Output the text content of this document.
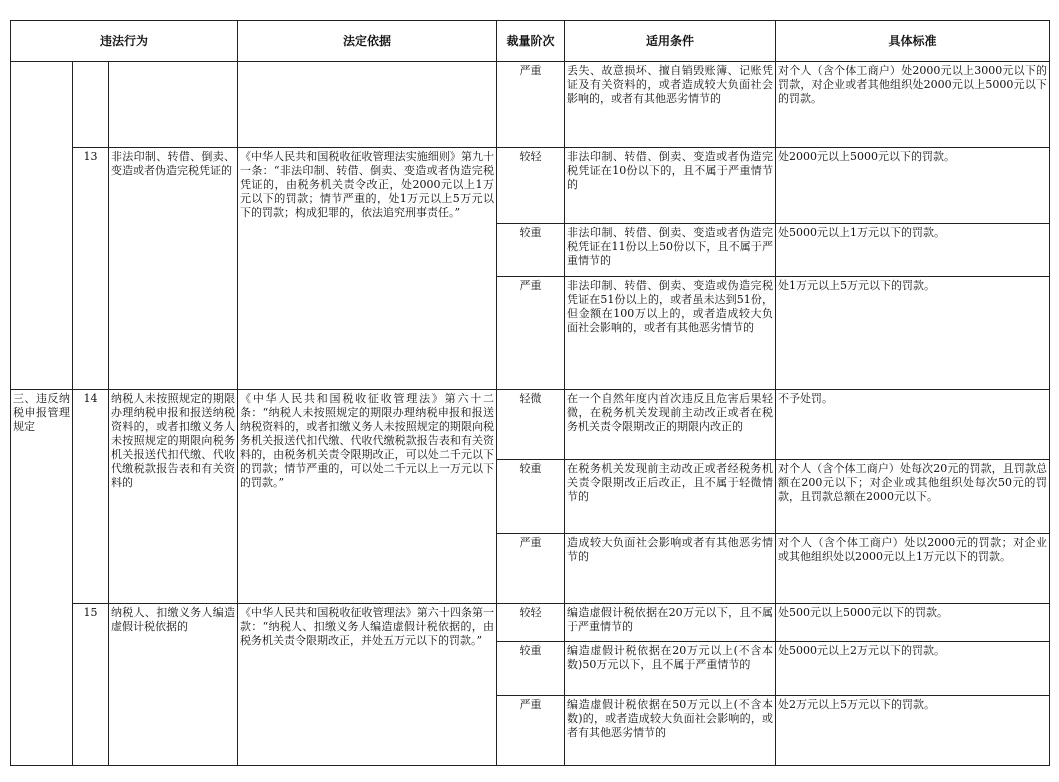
违法行为			法定依据	裁量阶次	适用条件	具体标准
				严重	丢失、故意损坏、擅自销毁账簿、记账凭证及有关资料的，或者造成较大负面社会影响的，或者有其他恶劣情节的	对个人（含个体工商户）处2000元以上3000元以下的罚款，对企业或者其他组织处2000元以上5000元以下的罚款。
	13	非法印制、转借、倒卖、变造或者伪造完税凭证的	《中华人民共和国税收征收管理法实施细则》第九十一条：“非法印制、转借、倒卖、变造或者伪造完税凭证的，由税务机关责令改正，处2000元以上1万元以下的罚款；情节严重的，处1万元以上5万元以下的罚款；构成犯罪的，依法追究刑事责任。”	较轻	非法印制、转借、倒卖、变造或者伪造完税凭证在10份以下的，且不属于严重情节的	处2000元以上5000元以下的罚款。
				较重	非法印制、转借、倒卖、变造或者伪造完税凭证在11份以上50份以下，且不属于严重情节的	处5000元以上1万元以下的罚款。
				严重	非法印制、转借、倒卖、变造或伪造完税凭证在51份以上的，或者虽未达到51份，但金额在100万以上的，或者造成较大负面社会影响的，或者有其他恶劣情节的	处1万元以上5万元以下的罚款。
三、违反纳税申报管理规定	14	纳税人未按照规定的期限办理纳税申报和报送纳税资料的，或者扣缴义务人未按照规定的期限向税务机关报送代扣代缴、代收代缴税款报告表和有关资料的	《中华人民共和国税收征收管理法》第六十二条：“纳税人未按照规定的期限办理纳税申报和报送纳税资料的，或者扣缴义务人未按照规定的期限向税务机关报送代扣代缴、代收代缴税款报告表和有关资料的，由税务机关责令限期改正，可以处二千元以下的罚款；情节严重的，可以处二千元以上一万元以下的罚款。”	轻微	在一个自然年度内首次违反且危害后果轻微，在税务机关发现前主动改正或者在税务机关责令限期改正的期限内改正的	不予处罚。
				较重	在税务机关发现前主动改正或者经税务机关责令限期改正后改正，且不属于轻微情节的	对个人（含个体工商户）处每次20元的罚款，且罚款总额在200元以下；对企业或其他组织处每次50元的罚款，且罚款总额在2000元以下。
				严重	造成较大负面社会影响或者有其他恶劣情节的	对个人（含个体工商户）处以2000元的罚款；对企业或其他组织处以2000元以上1万元以下的罚款。
	15	纳税人、扣缴义务人编造虚假计税依据的	《中华人民共和国税收征收管理法》第六十四条第一款：“纳税人、扣缴义务人编造虚假计税依据的，由税务机关责令限期改正，并处五万元以下的罚款。”	较轻	编造虚假计税依据在20万元以下，且不属于严重情节的	处500元以上5000元以下的罚款。
				较重	编造虚假计税依据在20万元以上(不含本数)50万元以下，且不属于严重情节的	处5000元以上2万元以下的罚款。
				严重	编造虚假计税依据在50万元以上(不含本数)的，或者造成较大负面社会影响的，或者有其他恶劣情节的	处2万元以上5万元以下的罚款。
